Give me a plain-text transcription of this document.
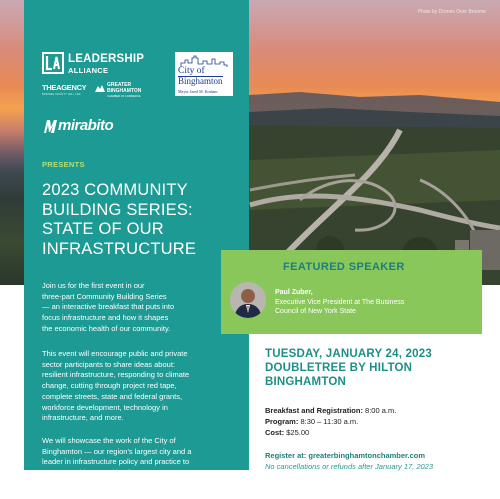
Photo by Drones Over Broome
LEADERSHIP
ALLIANCE
THEAGENCY
BROOME COUNTY IDA / LDC
GREATER
BINGHAMTON
CHAMBER OF COMMERCE
City of
Binghamton
Mayor Jared M. Kraham
mirabito
PRESENTS
2023 COMMUNITY
BUILDING SERIES:
STATE OF OUR
INFRASTRUCTURE
Join us for the first event in our
three-part Community Building Series
— an interactive breakfast that puts into
focus infrastructure and how it shapes
the economic health of our community.
This event will encourage public and private
sector participants to share ideas about:
resilient infrastructure, responding to climate
change, cutting through project red tape,
complete streets, state and federal grants,
workforce development, technology in
infrastructure, and more.
We will showcase the work of the City of
Binghamton — our region's largest city and a
leader in infrastructure policy and practice to
support residents and businesses.
FEATURED SPEAKER
Paul Zuber,
Executive Vice President at The Business
Council of New York State
TUESDAY, JANUARY 24, 2023
DOUBLETREE BY HILTON
BINGHAMTON
Breakfast and Registration: 8:00 a.m.
Program: 8:30 – 11:30 a.m.
Cost: $25.00
Register at: greaterbinghamtonchamber.com
No cancellations or refunds after January 17, 2023
